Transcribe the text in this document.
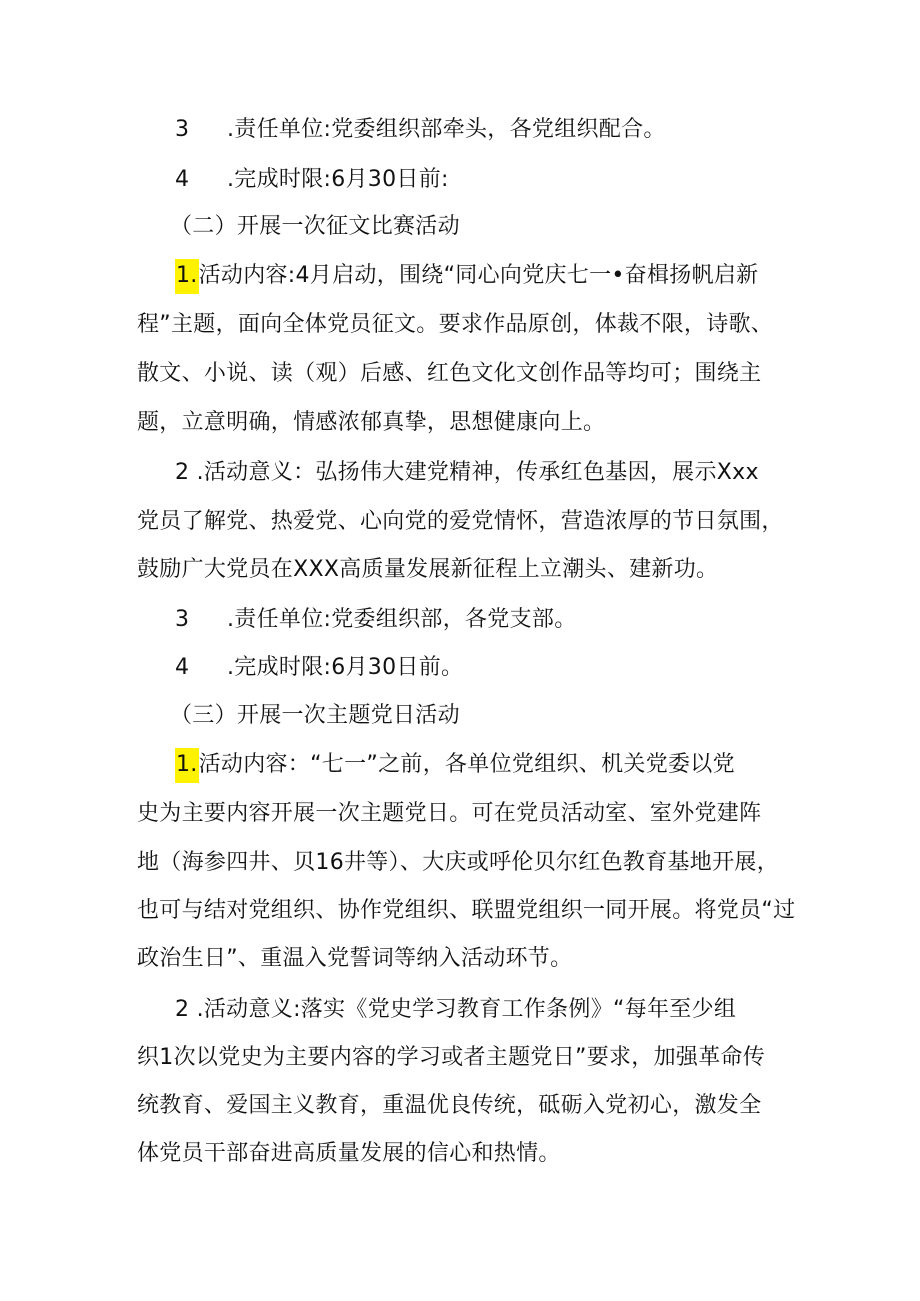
3 .责任单位:党委组织部牵头，各党组织配合。
4 .完成时限:6月30日前:
（二）开展一次征文比赛活动
1.活动内容:4月启动，围绕“同心向党庆七一•奋楫扬帆启新
程”主题，面向全体党员征文。要求作品原创，体裁不限，诗歌、
散文、小说、读（观）后感、红色文化文创作品等均可；围绕主
题，立意明确，情感浓郁真挚，思想健康向上。
2 .活动意义：弘扬伟大建党精神，传承红色基因，展示Xxx
党员了解党、热爱党、心向党的爱党情怀，营造浓厚的节日氛围，
鼓励广大党员在XXX高质量发展新征程上立潮头、建新功。
3 .责任单位:党委组织部，各党支部。
4 .完成时限:6月30日前。
（三）开展一次主题党日活动
1.活动内容：“七一”之前，各单位党组织、机关党委以党
史为主要内容开展一次主题党日。可在党员活动室、室外党建阵
地（海参四井、贝16井等）、大庆或呼伦贝尔红色教育基地开展，
也可与结对党组织、协作党组织、联盟党组织一同开展。将党员“过
政治生日”、重温入党誓词等纳入活动环节。
2 .活动意义:落实《党史学习教育工作条例》“每年至少组
织1次以党史为主要内容的学习或者主题党日”要求，加强革命传
统教育、爱国主义教育，重温优良传统，砥砺入党初心，激发全
体党员干部奋进高质量发展的信心和热情。
